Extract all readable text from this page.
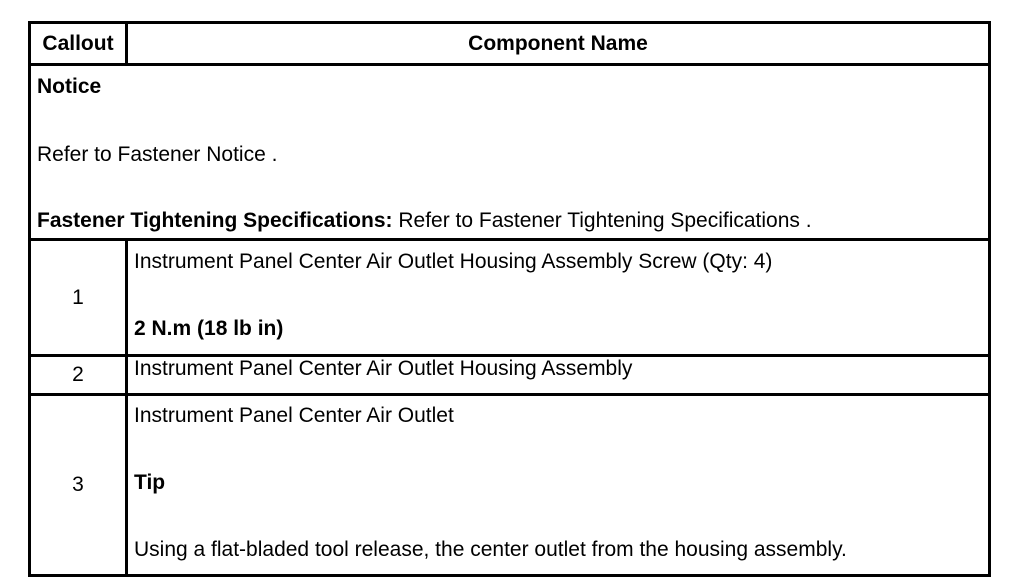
Callout	Component Name

Notice
Refer to Fastener Notice .
Fastener Tightening Specifications: Refer to Fastener Tightening Specifications .	

1	Instrument Panel Center Air Outlet Housing Assembly Screw (Qty: 4)
2 N.m (18 lb in)

2	Instrument Panel Center Air Outlet Housing Assembly

3	Instrument Panel Center Air Outlet
Tip
Using a flat-bladed tool release, the center outlet from the housing assembly.
